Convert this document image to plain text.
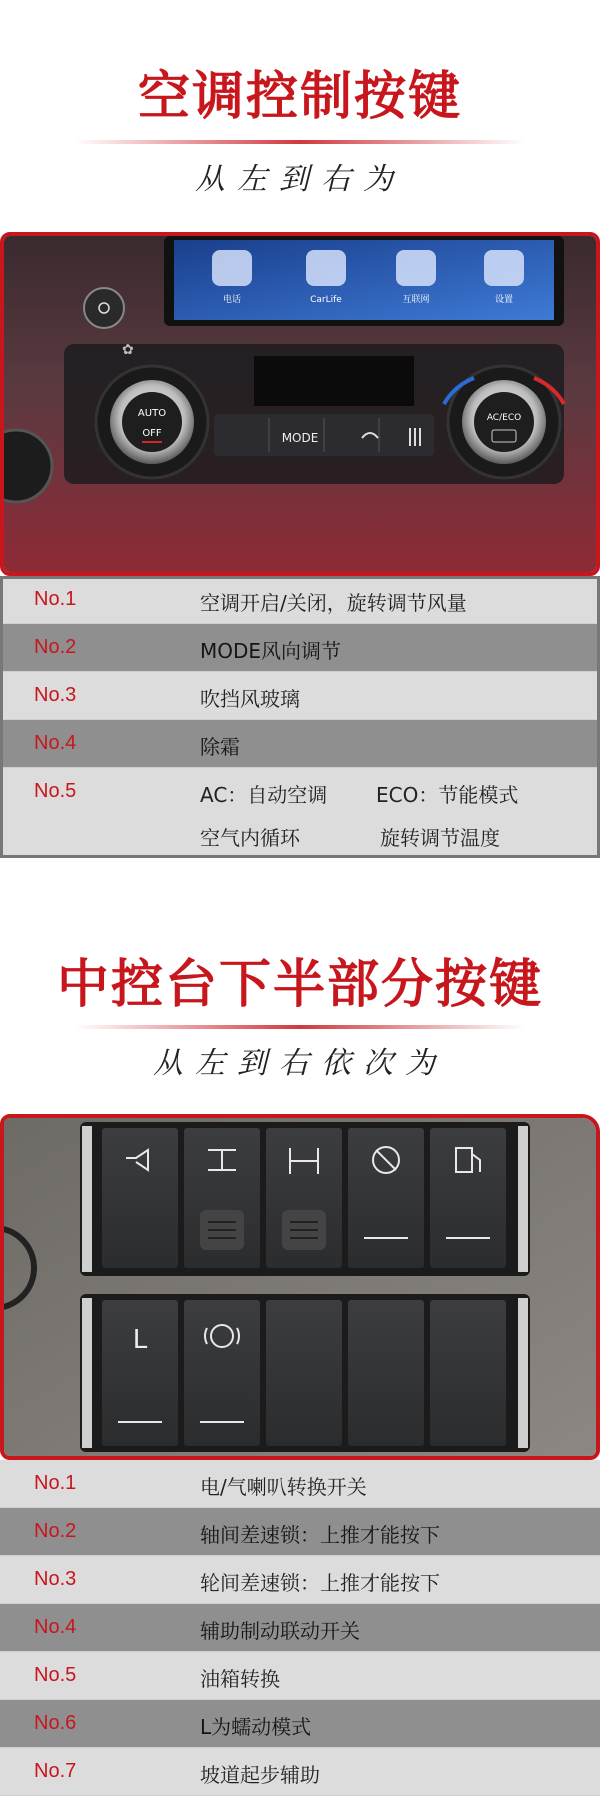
空调控制按键
从左到右为
电话	CarLife	互联网	设置
MODE
AUTO
OFF
AC/ECO
✿
No.1	空调开启/关闭，旋转调节风量
No.2	MODE风向调节
No.3	吹挡风玻璃
No.4	除霜
No.5	AC：自动空调 ECO：节能模式
空气内循环	旋转调节温度
中控台下半部分按键
从左到右依次为
L
No.1	电/气喇叭转换开关
No.2	轴间差速锁：上推才能按下
No.3	轮间差速锁：上推才能按下
No.4	辅助制动联动开关
No.5	油箱转换
No.6	L为蠕动模式
No.7	坡道起步辅助
